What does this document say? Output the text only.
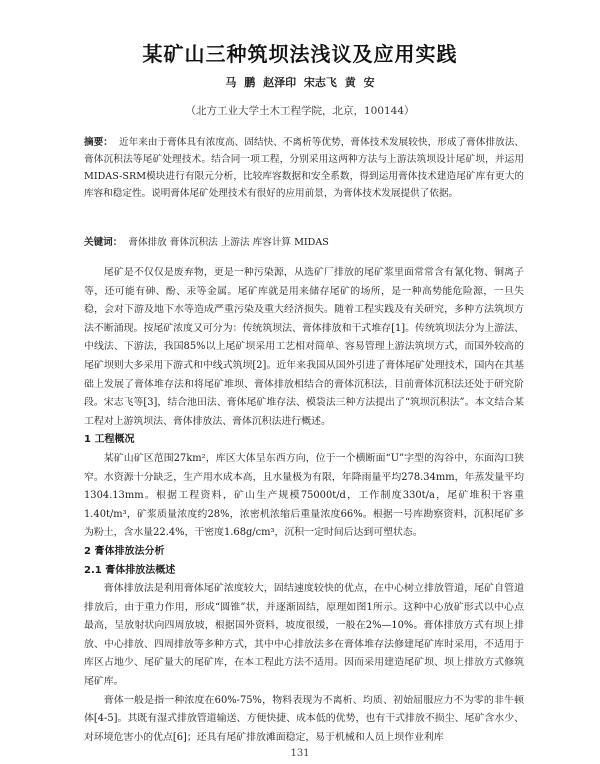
某矿山三种筑坝法浅议及应用实践
马 鹏 赵泽印 宋志飞 黄 安
（北方工业大学土木工程学院，北京，100144）
摘要： 近年来由于膏体具有浓度高、固结快、不离析等优势，膏体技术发展较快，形成了膏体排放法、膏体沉积法等尾矿处理技术。结合同一项工程，分别采用这两种方法与上游法筑坝设计尾矿坝，并运用MIDAS-SRM模块进行有限元分析，比较库容数据和安全系数，得到运用膏体技术建造尾矿库有更大的库容和稳定性。说明膏体尾矿处理技术有很好的应用前景，为膏体技术发展提供了依据。
关键词： 膏体排放 膏体沉积法 上游法 库容计算 MIDAS

尾矿是不仅仅是废弃物，更是一种污染源，从选矿厂排放的尾矿浆里面常常含有氰化物、铜离子等，还可能有砷、酚、汞等金属。尾矿库就是用来储存尾矿的场所，是一种高势能危险源，一旦失稳，会对下游及地下水等造成严重污染及重大经济损失。随着工程实践及有关研究，多种方法筑坝方法不断涌现。按尾矿浓度又可分为：传统筑坝法、膏体排放和干式堆存[1]。传统筑坝法分为上游法、中线法、下游法，我国85%以上尾矿坝采用工艺相对简单、容易管理上游法筑坝方式，而国外较高的尾矿坝则大多采用下游式和中线式筑坝[2]。近年来我国从国外引进了膏体尾矿处理技术，国内在其基础上发展了膏体堆存法和将尾矿堆坝、膏体排放相结合的膏体沉积法，目前膏体沉积法还处于研究阶段。宋志飞等[3]，结合池田法、膏体尾矿堆存法、模袋法三种方法提出了“筑坝沉积法”。本文结合某工程对上游筑坝法、膏体排放法、膏体沉积法进行概述。

1 工程概况

某矿山矿区范围27km²，库区大体呈东西方向，位于一个横断面“U”字型的沟谷中，东面沟口狭窄。水资源十分缺乏，生产用水成本高，且水量极为有限，年降雨量平均278.34mm，年蒸发量平均1304.13mm。根据工程资料，矿山生产规模75000t/d，工作制度330t/a，尾矿堆积干容重1.40t/m³，矿浆质量浓度约28%，浓密机浓缩后重量浓度66%。根据一号库勘察资料，沉积尾矿多为粉土，含水量22.4%，干密度1.68g/cm³，沉积一定时间后达到可塑状态。

2 膏体排放法分析
2.1 膏体排放法概述

膏体排放法是利用膏体尾矿浓度较大，固结速度较快的优点，在中心树立排放管道，尾矿自管道排放后，由于重力作用，形成“圆锥”状，并逐渐固结，原理如图1所示。这种中心放矿形式以中心点最高，呈放射状向四周放坡，根据国外资料，坡度很缓，一般在2%—10%。膏体排放方式有坝上排放、中心排放、四周排放等多种方式，其中中心排放法多在膏体堆存法修建尾矿库时采用，不适用于库区占地少、尾矿量大的尾矿库，在本工程此方法不适用。因而采用建造尾矿坝、坝上排放方式修筑尾矿库。

膏体一般是指一种浓度在60%-75%，物料表现为不离析、均质、初始屈服应力不为零的非牛顿体[4-5]。其既有湿式排放管道输送、方便快捷、成本低的优势，也有干式排放不损尘、尾矿含水少、对环境危害小的优点[6]；还具有尾矿排放滩面稳定，易于机械和人员上坝作业利库

131
